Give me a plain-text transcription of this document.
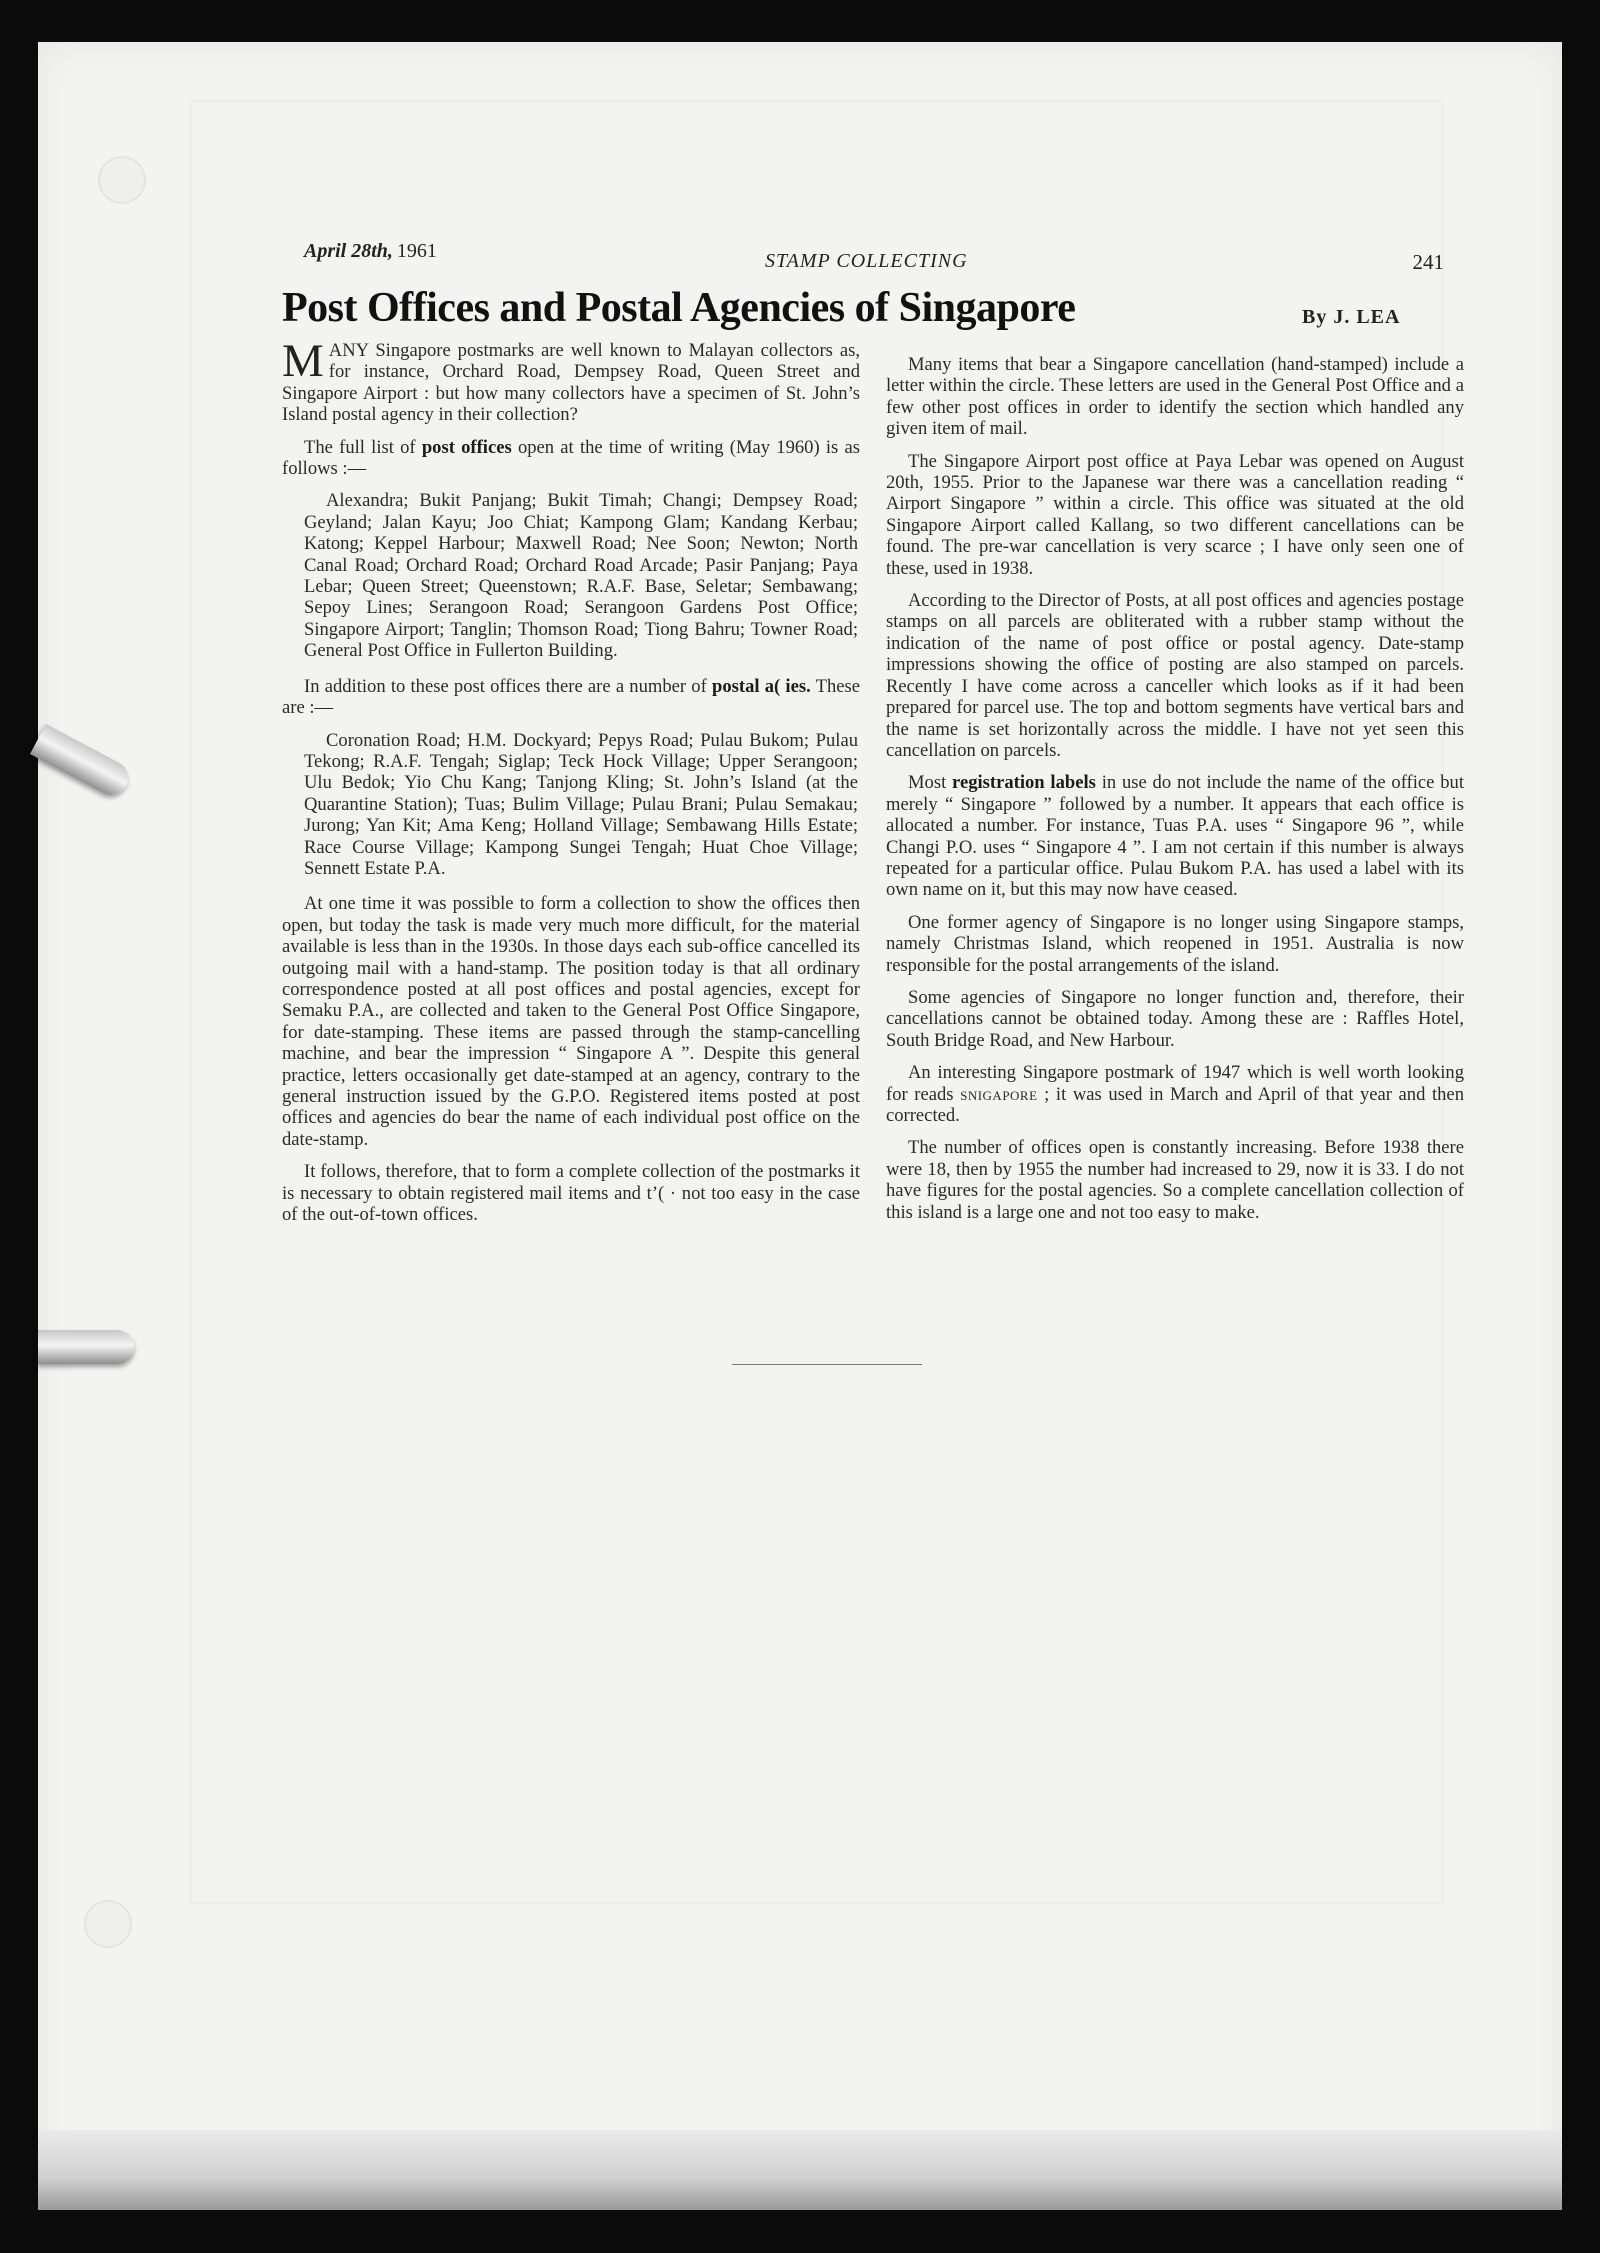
April 28th, 1961	STAMP COLLECTING	241
Post Offices and Postal Agencies of Singapore	By J. LEA

MANY Singapore postmarks are well known to Malayan collectors as, for instance, Orchard Road, Dempsey Road, Queen Street and Singapore Airport : but how many collectors have a specimen of St. John’s Island postal agency in their collection?

The full list of post offices open at the time of writing (May 1960) is as follows :—

Alexandra; Bukit Panjang; Bukit Timah; Changi; Dempsey Road; Geyland; Jalan Kayu; Joo Chiat; Kampong Glam; Kandang Kerbau; Katong; Keppel Harbour; Maxwell Road; Nee Soon; Newton; North Canal Road; Orchard Road; Orchard Road Arcade; Pasir Panjang; Paya Lebar; Queen Street; Queenstown; R.A.F. Base, Seletar; Sembawang; Sepoy Lines; Serangoon Road; Serangoon Gardens Post Office; Singapore Airport; Tanglin; Thomson Road; Tiong Bahru; Towner Road; General Post Office in Fullerton Building.

In addition to these post offices there are a number of postal a( ies. These are :—

Coronation Road; H.M. Dockyard; Pepys Road; Pulau Bukom; Pulau Tekong; R.A.F. Tengah; Siglap; Teck Hock Village; Upper Serangoon; Ulu Bedok; Yio Chu Kang; Tanjong Kling; St. John’s Island (at the Quarantine Station); Tuas; Bulim Village; Pulau Brani; Pulau Semakau; Jurong; Yan Kit; Ama Keng; Holland Village; Sembawang Hills Estate; Race Course Village; Kampong Sungei Tengah; Huat Choe Village; Sennett Estate P.A.

At one time it was possible to form a collection to show the offices then open, but today the task is made very much more difficult, for the material available is less than in the 1930s. In those days each sub-office cancelled its outgoing mail with a hand-stamp. The position today is that all ordinary correspondence posted at all post offices and postal agencies, except for Semaku P.A., are collected and taken to the General Post Office Singapore, for date-stamping. These items are passed through the stamp-cancelling machine, and bear the impression “ Singapore A ”. Despite this general practice, letters occasionally get date-stamped at an agency, contrary to the general instruction issued by the G.P.O. Registered items posted at post offices and agencies do bear the name of each individual post office on the date-stamp.

It follows, therefore, that to form a complete collection of the postmarks it is necessary to obtain registered mail items and t’( · not too easy in the case of the out-of-town offices.

Many items that bear a Singapore cancellation (hand-stamped) include a letter within the circle. These letters are used in the General Post Office and a few other post offices in order to identify the section which handled any given item of mail.

The Singapore Airport post office at Paya Lebar was opened on August 20th, 1955. Prior to the Japanese war there was a cancellation reading “ Airport Singapore ” within a circle. This office was situated at the old Singapore Airport called Kallang, so two different cancellations can be found. The pre-war cancellation is very scarce ; I have only seen one of these, used in 1938.

According to the Director of Posts, at all post offices and agencies postage stamps on all parcels are obliterated with a rubber stamp without the indication of the name of post office or postal agency. Date-stamp impressions showing the office of posting are also stamped on parcels. Recently I have come across a canceller which looks as if it had been prepared for parcel use. The top and bottom segments have vertical bars and the name is set horizontally across the middle. I have not yet seen this cancellation on parcels.

Most registration labels in use do not include the name of the office but merely “ Singapore ” followed by a number. It appears that each office is allocated a number. For instance, Tuas P.A. uses “ Singapore 96 ”, while Changi P.O. uses “ Singapore 4 ”. I am not certain if this number is always repeated for a particular office. Pulau Bukom P.A. has used a label with its own name on it, but this may now have ceased.

One former agency of Singapore is no longer using Singapore stamps, namely Christmas Island, which reopened in 1951. Australia is now responsible for the postal arrangements of the island.

Some agencies of Singapore no longer function and, therefore, their cancellations cannot be obtained today. Among these are : Raffles Hotel, South Bridge Road, and New Harbour.

An interesting Singapore postmark of 1947 which is well worth looking for reads snigapore ; it was used in March and April of that year and then corrected.

The number of offices open is constantly increasing. Before 1938 there were 18, then by 1955 the number had increased to 29, now it is 33. I do not have figures for the postal agencies. So a complete cancellation collection of this island is a large one and not too easy to make.
